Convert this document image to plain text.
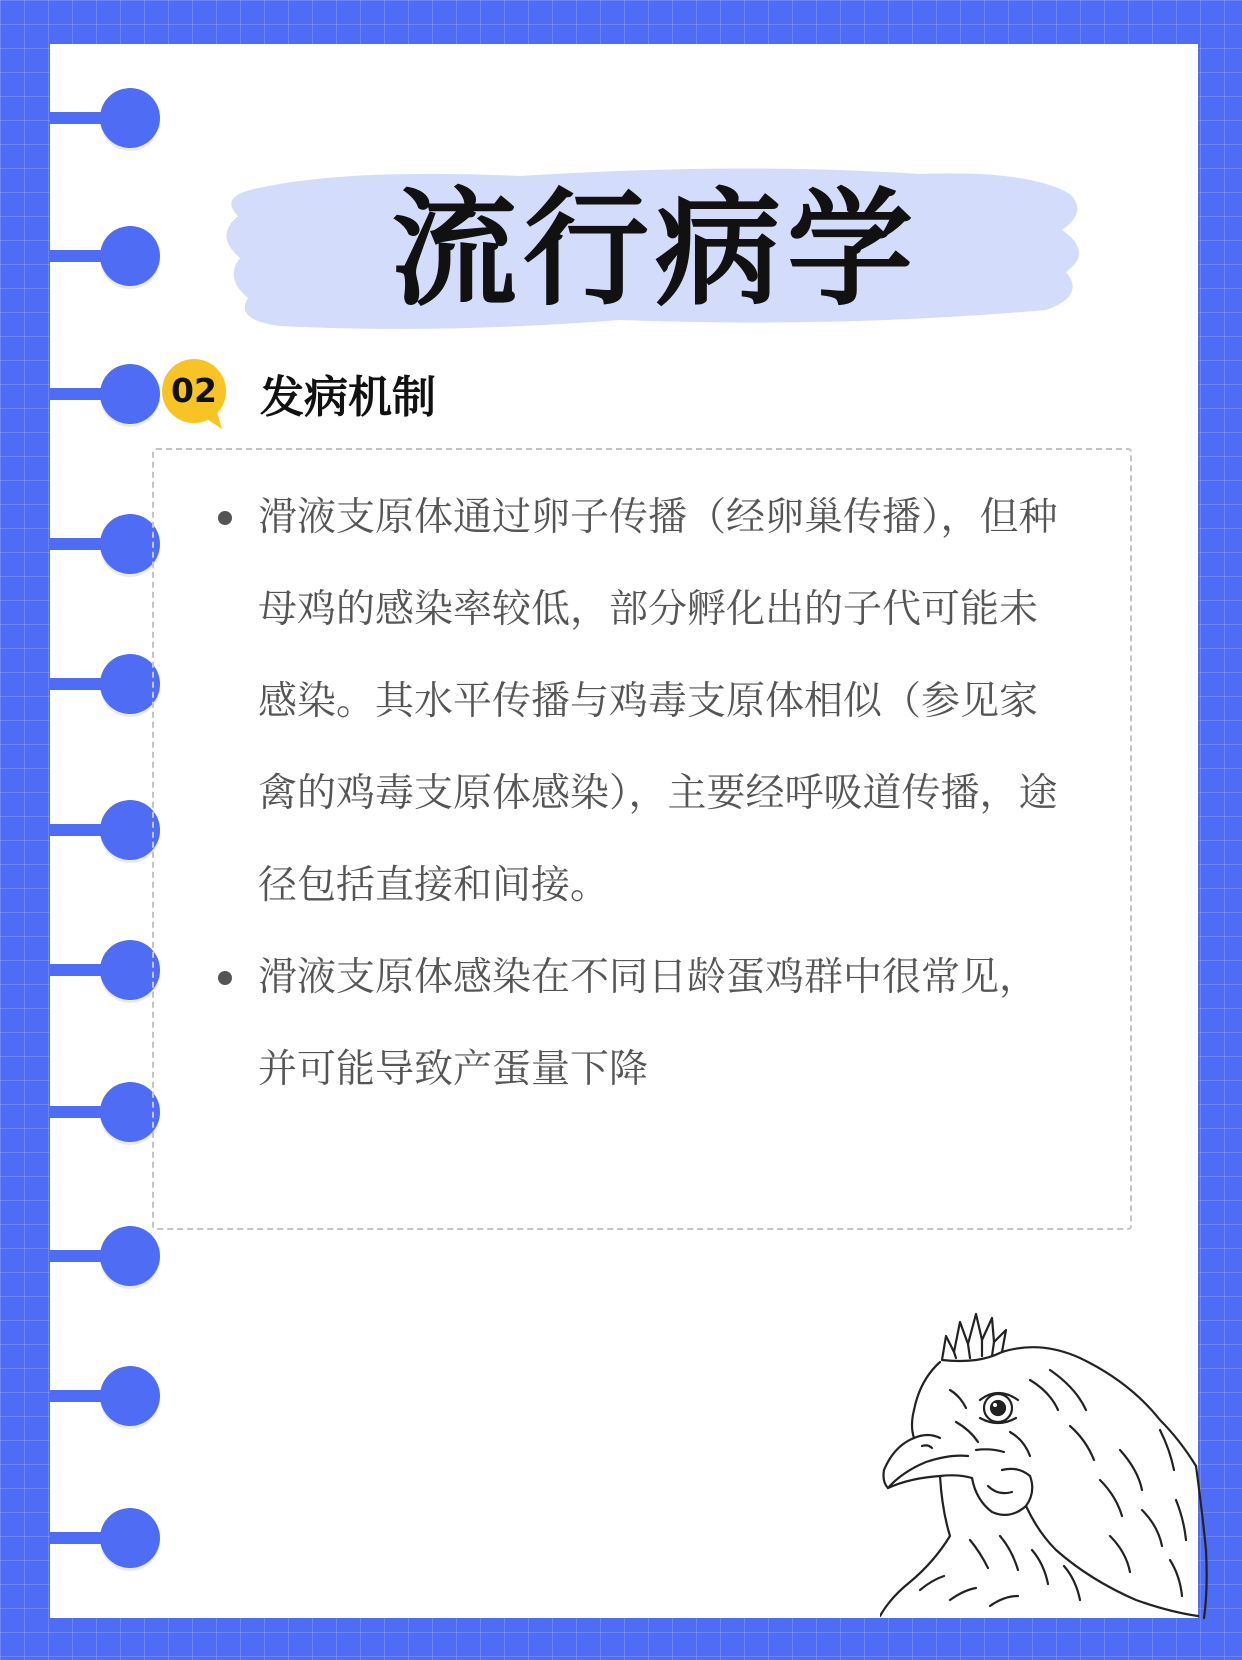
流行病学
02 发病机制
滑液支原体通过卵子传播（经卵巢传播），但种母鸡的感染率较低，部分孵化出的子代可能未感染。其水平传播与鸡毒支原体相似（参见家禽的鸡毒支原体感染），主要经呼吸道传播，途径包括直接和间接。
滑液支原体感染在不同日龄蛋鸡群中很常见，并可能导致产蛋量下降
